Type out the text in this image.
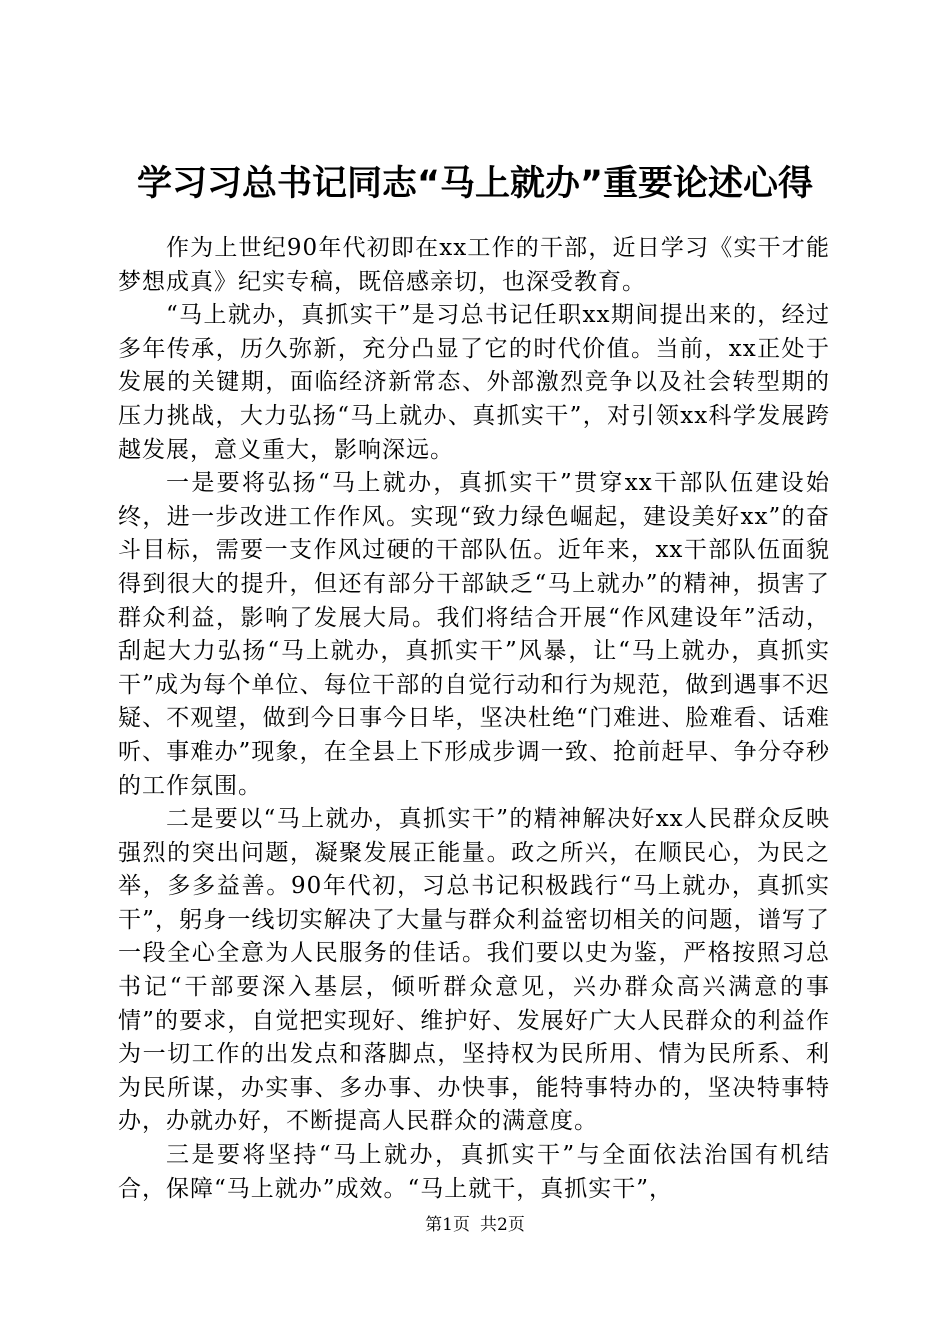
学习习总书记同志“马上就办”重要论述心得

作为上世纪90年代初即在xx工作的干部，近日学习《实干才能梦想成真》纪实专稿，既倍感亲切，也深受教育。

“马上就办，真抓实干”是习总书记任职xx期间提出来的，经过多年传承，历久弥新，充分凸显了它的时代价值。当前，xx正处于发展的关键期，面临经济新常态、外部激烈竞争以及社会转型期的压力挑战，大力弘扬“马上就办、真抓实干”，对引领xx科学发展跨越发展，意义重大，影响深远。

一是要将弘扬“马上就办，真抓实干”贯穿xx干部队伍建设始终，进一步改进工作作风。实现“致力绿色崛起，建设美好xx”的奋斗目标，需要一支作风过硬的干部队伍。近年来，xx干部队伍面貌得到很大的提升，但还有部分干部缺乏“马上就办”的精神，损害了群众利益，影响了发展大局。我们将结合开展“作风建设年”活动，刮起大力弘扬“马上就办，真抓实干”风暴，让“马上就办，真抓实干”成为每个单位、每位干部的自觉行动和行为规范，做到遇事不迟疑、不观望，做到今日事今日毕，坚决杜绝“门难进、脸难看、话难听、事难办”现象，在全县上下形成步调一致、抢前赶早、争分夺秒的工作氛围。

二是要以“马上就办，真抓实干”的精神解决好xx人民群众反映强烈的突出问题，凝聚发展正能量。政之所兴，在顺民心，为民之举，多多益善。90年代初，习总书记积极践行“马上就办，真抓实干”，躬身一线切实解决了大量与群众利益密切相关的问题，谱写了一段全心全意为人民服务的佳话。我们要以史为鉴，严格按照习总书记“干部要深入基层，倾听群众意见，兴办群众高兴满意的事情”的要求，自觉把实现好、维护好、发展好广大人民群众的利益作为一切工作的出发点和落脚点，坚持权为民所用、情为民所系、利为民所谋，办实事、多办事、办快事，能特事特办的，坚决特事特办，办就办好，不断提高人民群众的满意度。

三是要将坚持“马上就办，真抓实干”与全面依法治国有机结合，保障“马上就办”成效。“马上就干，真抓实干”，

第1页 共2页
